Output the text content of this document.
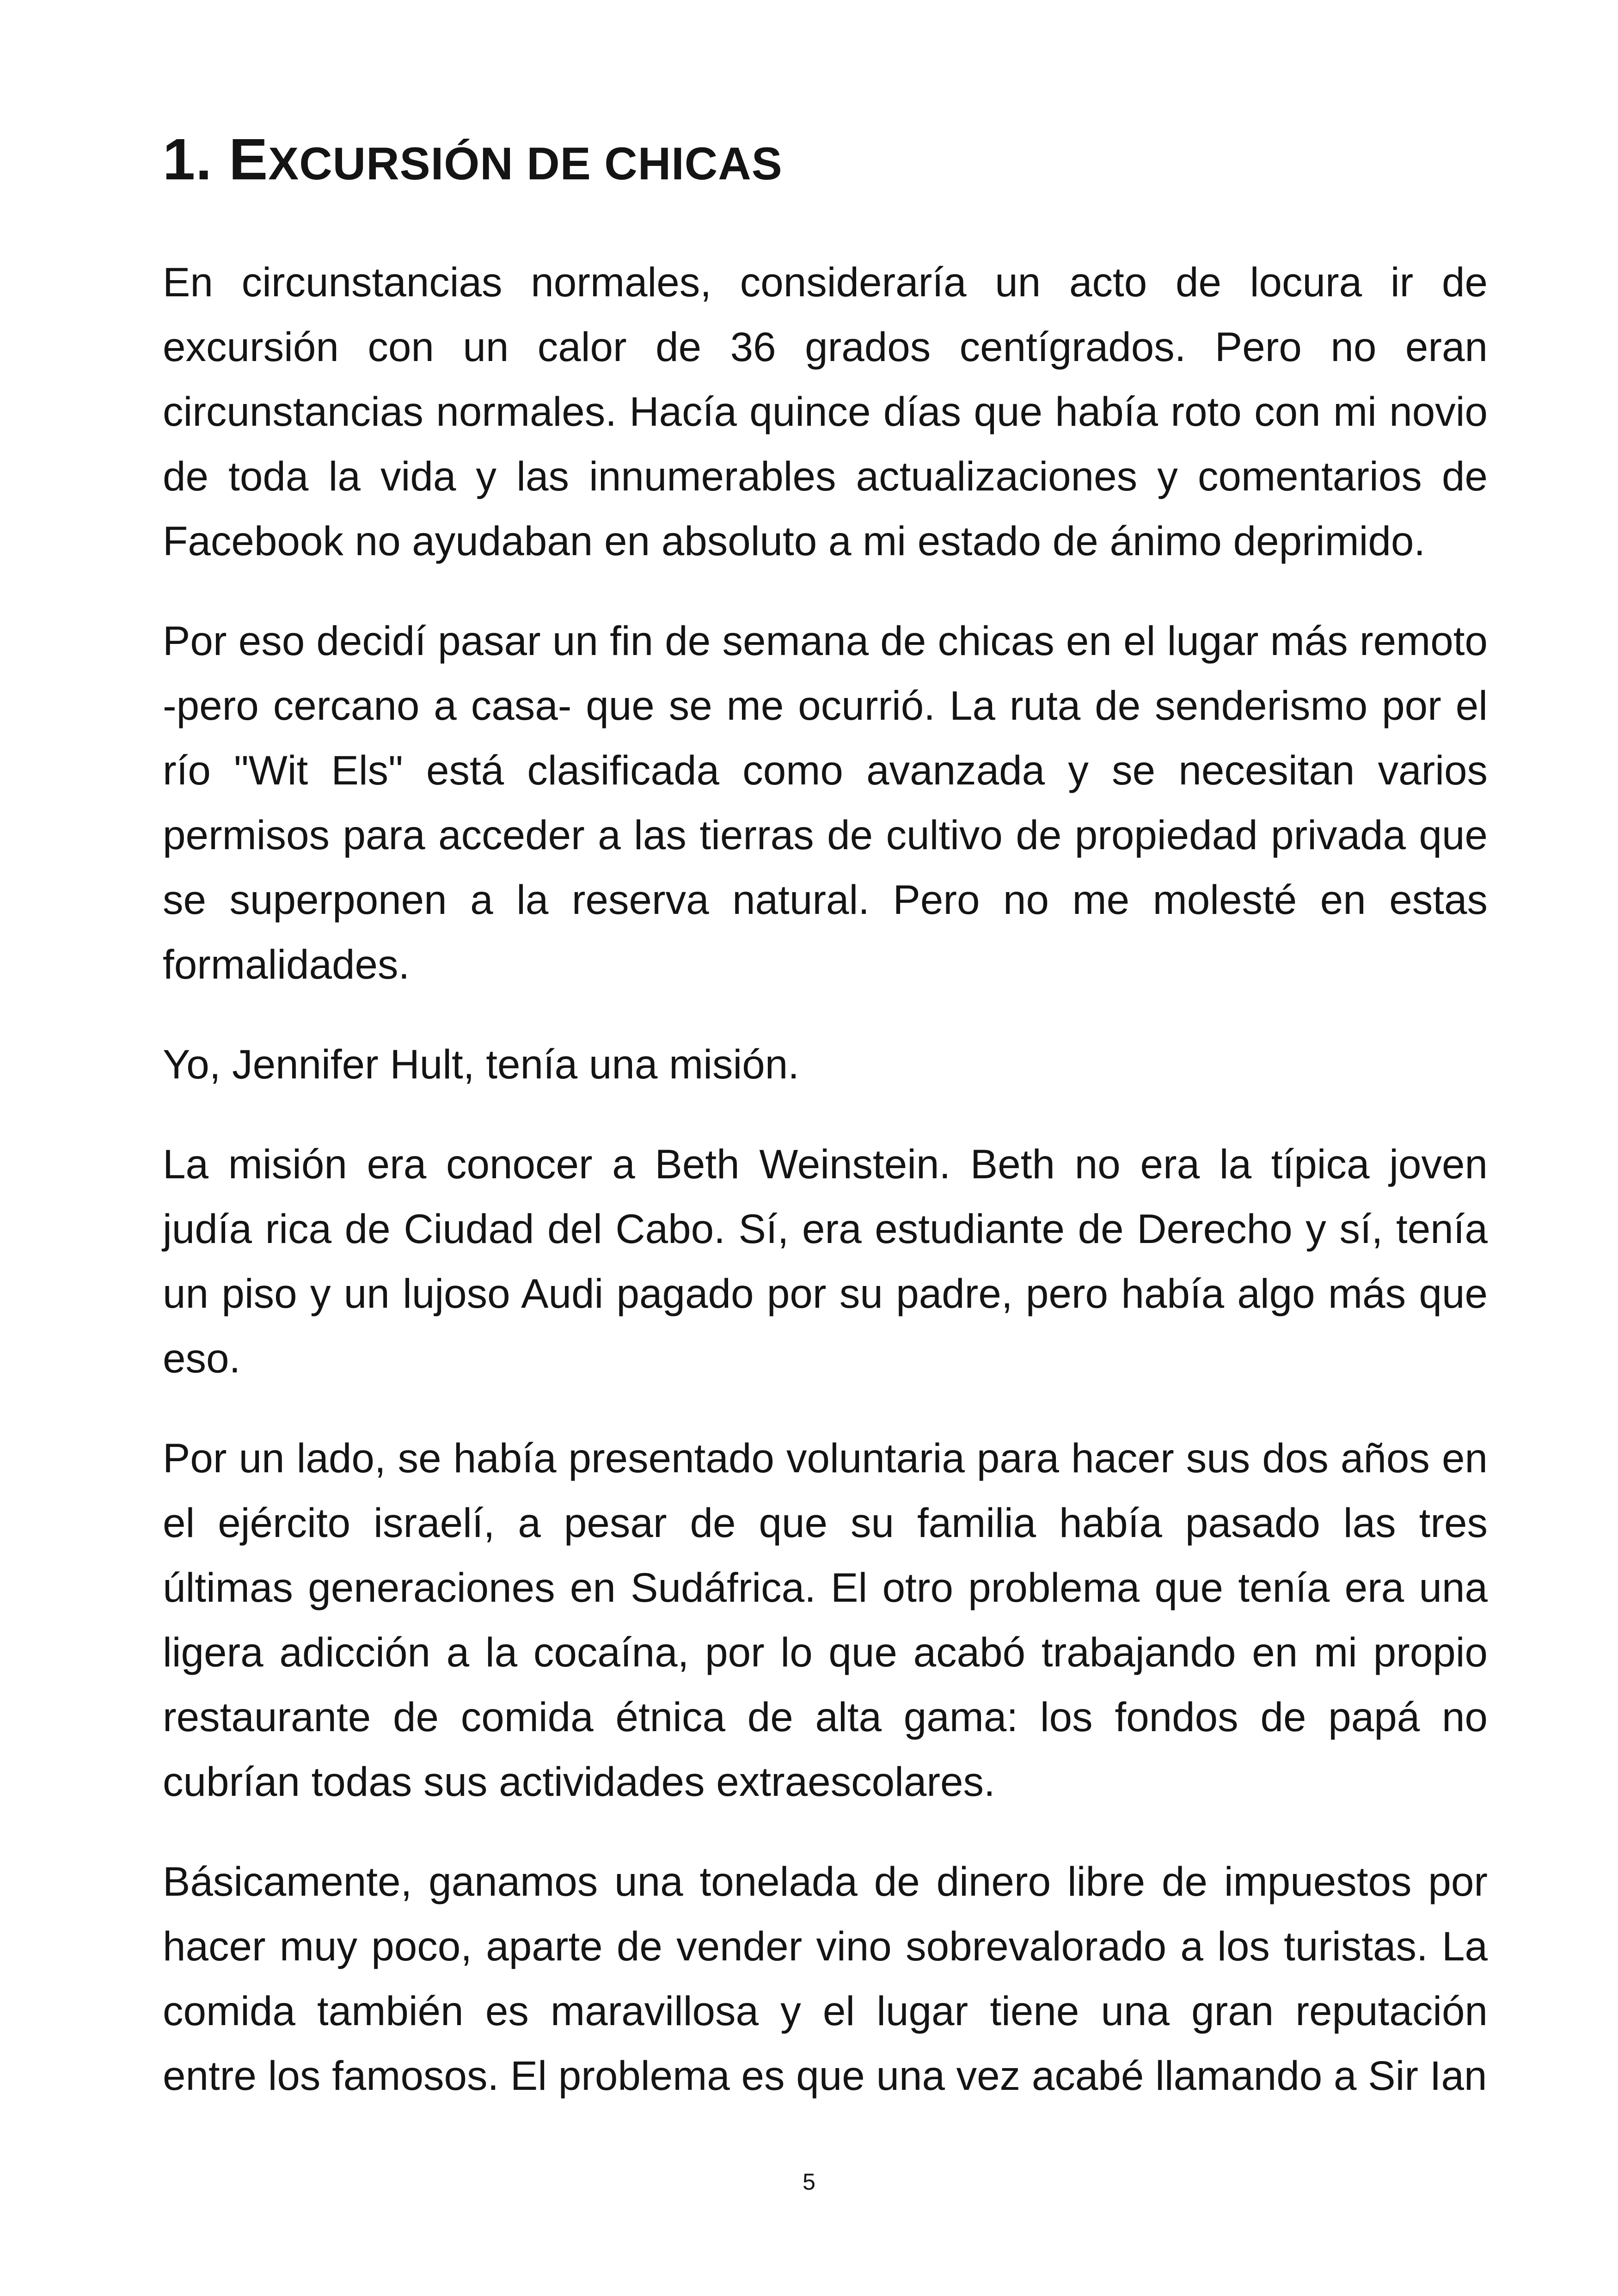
1. EXCURSIÓN DE CHICAS

En circunstancias normales, consideraría un acto de locura ir de excursión con un calor de 36 grados centígrados. Pero no eran circunstancias normales. Hacía quince días que había roto con mi novio de toda la vida y las innumerables actualizaciones y comentarios de Facebook no ayudaban en absoluto a mi estado de ánimo deprimido.

Por eso decidí pasar un fin de semana de chicas en el lugar más remoto -pero cercano a casa- que se me ocurrió. La ruta de senderismo por el río "Wit Els" está clasificada como avanzada y se necesitan varios permisos para acceder a las tierras de cultivo de propiedad privada que se superponen a la reserva natural. Pero no me molesté en estas formalidades.

Yo, Jennifer Hult, tenía una misión.

La misión era conocer a Beth Weinstein. Beth no era la típica joven judía rica de Ciudad del Cabo. Sí, era estudiante de Derecho y sí, tenía un piso y un lujoso Audi pagado por su padre, pero había algo más que eso.

Por un lado, se había presentado voluntaria para hacer sus dos años en el ejército israelí, a pesar de que su familia había pasado las tres últimas generaciones en Sudáfrica. El otro problema que tenía era una ligera adicción a la cocaína, por lo que acabó trabajando en mi propio restaurante de comida étnica de alta gama: los fondos de papá no cubrían todas sus actividades extraescolares.

Básicamente, ganamos una tonelada de dinero libre de impuestos por hacer muy poco, aparte de vender vino sobrevalorado a los turistas. La comida también es maravillosa y el lugar tiene una gran reputación entre los famosos. El problema es que una vez acabé llamando a Sir Ian

5
